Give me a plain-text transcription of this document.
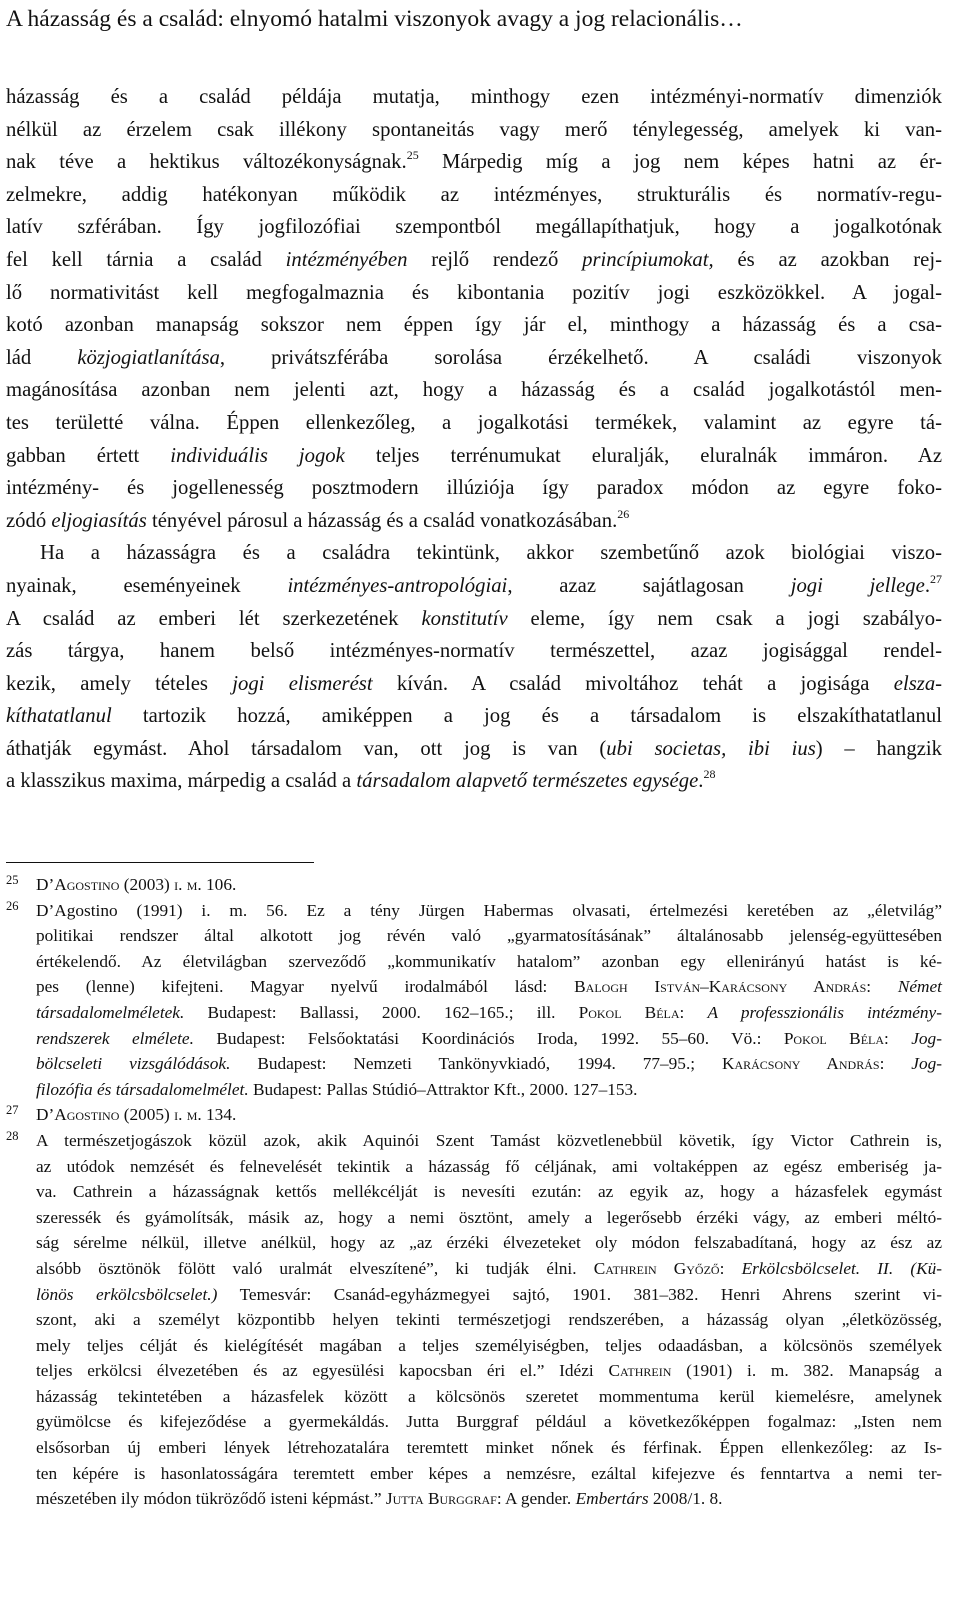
A házasság és a család: elnyomó hatalmi viszonyok avagy a jog relacionális…
házasság és a család példája mutatja, minthogy ezen intézményi-normatív dimenziók
nélkül az érzelem csak illékony spontaneitás vagy merő ténylegesség, amelyek ki van-
nak téve a hektikus változékonyságnak.$^{25}$ Márpedig míg a jog nem képes hatni az ér-
zelmekre, addig hatékonyan működik az intézményes, strukturális és normatív-regu-
latív szférában. Így jogfilozófiai szempontból megállapíthatjuk, hogy a jogalkotónak
fel kell tárnia a család intézményében rejlő rendező princípiumokat, és az azokban rej-
lő normativitást kell megfogalmaznia és kibontania pozitív jogi eszközökkel. A jogal-
kotó azonban manapság sokszor nem éppen így jár el, minthogy a házasság és a csa-
lád közjogiatlanítása, privátszférába sorolása érzékelhető. A családi viszonyok
magánosítása azonban nem jelenti azt, hogy a házasság és a család jogalkotástól men-
tes területté válna. Éppen ellenkezőleg, a jogalkotási termékek, valamint az egyre tá-
gabban értett individuális jogok teljes terrénumukat eluralják, eluralnák immáron. Az
intézmény- és jogellenesség posztmodern illúziója így paradox módon az egyre foko-
zódó eljogiasítás tényével párosul a házasság és a család vonatkozásában.$^{26}$
Ha a házasságra és a családra tekintünk, akkor szembetűnő azok biológiai viszo-
nyainak, eseményeinek intézményes-antropológiai, azaz sajátlagosan jogi jellege.$^{27}$
A család az emberi lét szerkezetének konstitutív eleme, így nem csak a jogi szabályo-
zás tárgya, hanem belső intézményes-normatív természettel, azaz jogisággal rendel-
kezik, amely tételes jogi elismerést kíván. A család mivoltához tehát a jogisága elsza-
kíthatatlanul tartozik hozzá, amiképpen a jog és a társadalom is elszakíthatatlanul
áthatják egymást. Ahol társadalom van, ott jog is van (ubi societas, ibi ius) – hangzik
a klasszikus maxima, márpedig a család a társadalom alapvető természetes egysége.$^{28}$
25 D’Agostino (2003) i. m. 106.
26 D’Agostino (1991) i. m. 56. Ez a tény Jürgen Habermas olvasati, értelmezési keretében az „életvilág”
politikai rendszer által alkotott jog révén való „gyarmatosításának” általánosabb jelenség-együttesében
értékelendő. Az életvilágban szerveződő „kommunikatív hatalom” azonban egy ellenirányú hatást is ké-
pes (lenne) kifejteni. Magyar nyelvű irodalmából lásd: Balogh István–Karácsony András: Német
társadalomelméletek. Budapest: Ballassi, 2000. 162–165.; ill. Pokol Béla: A professzionális intézmény-
rendszerek elmélete. Budapest: Felsőoktatási Koordinációs Iroda, 1992. 55–60. Vö.: Pokol Béla: Jog-
bölcseleti vizsgálódások. Budapest: Nemzeti Tankönyvkiadó, 1994. 77–95.; Karácsony András: Jog-
filozófia és társadalomelmélet. Budapest: Pallas Stúdió–Attraktor Kft., 2000. 127–153.
27 D’Agostino (2005) i. m. 134.
28 A természetjogászok közül azok, akik Aquinói Szent Tamást közvetlenebbül követik, így Victor Cathrein is,
az utódok nemzését és felnevelését tekintik a házasság fő céljának, ami voltaképpen az egész emberiség ja-
va. Cathrein a házasságnak kettős mellékcélját is nevesíti ezután: az egyik az, hogy a házasfelek egymást
szeressék és gyámolítsák, másik az, hogy a nemi ösztönt, amely a legerősebb érzéki vágy, az emberi méltó-
ság sérelme nélkül, illetve anélkül, hogy az „az érzéki élvezeteket oly módon felszabadítaná, hogy az ész az
alsóbb ösztönök fölött való uralmát elveszítené”, ki tudják élni. Cathrein Győző: Erkölcsbölcselet. II. (Kü-
lönös erkölcsbölcselet.) Temesvár: Csanád-egyházmegyei sajtó, 1901. 381–382. Henri Ahrens szerint vi-
szont, aki a személyt központibb helyen tekinti természetjogi rendszerében, a házasság olyan „életközösség,
mely teljes célját és kielégítését magában a teljes személyiségben, teljes odaadásban, a kölcsönös személyek
teljes erkölcsi élvezetében és az egyesülési kapocsban éri el.” Idézi Cathrein (1901) i. m. 382. Manapság a
házasság tekintetében a házasfelek között a kölcsönös szeretet mommentuma kerül kiemelésre, amelynek
gyümölcse és kifejeződése a gyermekáldás. Jutta Burggraf például a következőképpen fogalmaz: „Isten nem
elsősorban új emberi lények létrehozatalára teremtett minket nőnek és férfinak. Éppen ellenkezőleg: az Is-
ten képére is hasonlatosságára teremtett ember képes a nemzésre, ezáltal kifejezve és fenntartva a nemi ter-
mészetében ily módon tükröződő isteni képmást.” Jutta Burggraf: A gender. Embertárs 2008/1. 8.
